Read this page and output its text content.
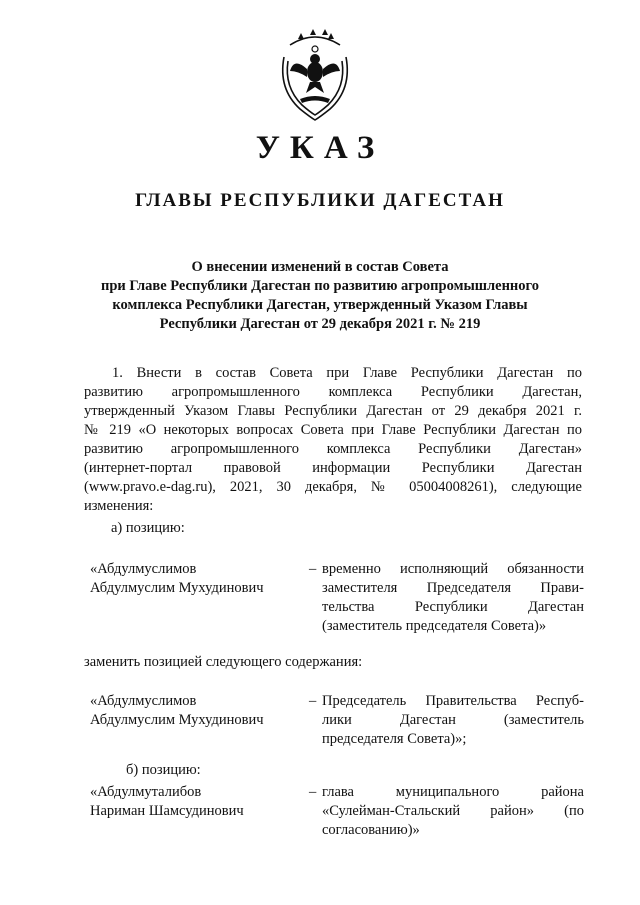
УКАЗ
ГЛАВЫ РЕСПУБЛИКИ ДАГЕСТАН
О внесении изменений в состав Совета
при Главе Республики Дагестан по развитию агропромышленного
комплекса Республики Дагестан, утвержденный Указом Главы
Республики Дагестан от 29 декабря 2021 г. № 219
1. Внести в состав Совета при Главе Республики Дагестан по
развитию агропромышленного комплекса Республики Дагестан,
утвержденный Указом Главы Республики Дагестан от 29 декабря 2021 г.
№ 219 «О некоторых вопросах Совета при Главе Республики Дагестан по
развитию агропромышленного комплекса Республики Дагестан»
(интернет-портал правовой информации Республики Дагестан
(www.pravo.e-dag.ru), 2021, 30 декабря, № 05004008261), следующие
изменения:
а) позицию:
«Абдулмуслимов
Абдулмуслим Мухудинович
– временно исполняющий обязанности
заместителя Председателя Прави-
тельства Республики Дагестан
(заместитель председателя Совета)»
заменить позицией следующего содержания:
«Абдулмуслимов
Абдулмуслим Мухудинович
– Председатель Правительства Респуб-
лики Дагестан (заместитель
председателя Совета)»;
б) позицию:
«Абдулмуталибов
Нариман Шамсудинович
– глава муниципального района
«Сулейман-Стальский район» (по
согласованию)»
